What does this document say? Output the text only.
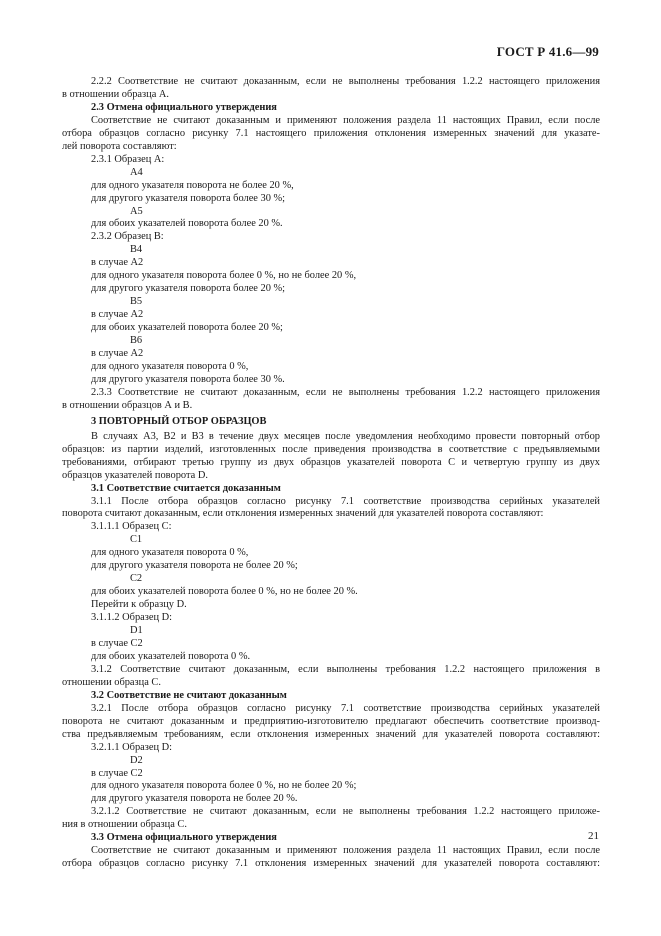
ГОСТ Р 41.6—99
2.2.2 Соответствие не считают доказанным, если не выполнены требования 1.2.2 настоящего приложения
в отношении образца А.
2.3 Отмена официального утверждения
Соответствие не считают доказанным и применяют положения раздела 11 настоящих Правил, если после
отбора образцов согласно рисунку 7.1 настоящего приложения отклонения измеренных значений для указате-
лей поворота составляют:
2.3.1 Образец А:
А4
для одного указателя поворота не более 20 %,
для другого указателя поворота более 30 %;
А5
для обоих указателей поворота более 20 %.
2.3.2 Образец В:
В4
в случае А2
для одного указателя поворота более 0 %, но не более 20 %,
для другого указателя поворота более 20 %;
В5
в случае А2
для обоих указателей поворота более 20 %;
В6
в случае А2
для одного указателя поворота 0 %,
для другого указателя поворота более 30 %.
2.3.3 Соответствие не считают доказанным, если не выполнены требования 1.2.2 настоящего приложения
в отношении образцов А и В.
3 ПОВТОРНЫЙ ОТБОР ОБРАЗЦОВ
В случаях А3, В2 и В3 в течение двух месяцев после уведомления необходимо провести повторный отбор
образцов: из партии изделий, изготовленных после приведения производства в соответствие с предъявляемыми
требованиями, отбирают третью группу из двух образцов указателей поворота С и четвертую группу из двух
образцов указателей поворота D.
3.1 Соответствие считается доказанным
3.1.1 После отбора образцов согласно рисунку 7.1 соответствие производства серийных указателей
поворота считают доказанным, если отклонения измеренных значений для указателей поворота составляют:
3.1.1.1 Образец С:
С1
для одного указателя поворота 0 %,
для другого указателя поворота не более 20 %;
С2
для обоих указателей поворота более 0 %, но не более 20 %.
Перейти к образцу D.
3.1.1.2 Образец D:
D1
в случае С2
для обоих указателей поворота 0 %.
3.1.2 Соответствие считают доказанным, если выполнены требования 1.2.2 настоящего приложения в
отношении образца С.
3.2 Соответствие не считают доказанным
3.2.1 После отбора образцов согласно рисунку 7.1 соответствие производства серийных указателей
поворота не считают доказанным и предприятию-изготовителю предлагают обеспечить соответствие производ-
ства предъявляемым требованиям, если отклонения измеренных значений для указателей поворота составляют:
3.2.1.1 Образец D:
D2
в случае С2
для одного указателя поворота более 0 %, но не более 20 %;
для другого указателя поворота не более 20 %.
3.2.1.2 Соответствие не считают доказанным, если не выполнены требования 1.2.2 настоящего приложе-
ния в отношении образца С.
3.3 Отмена официального утверждения
Соответствие не считают доказанным и применяют положения раздела 11 настоящих Правил, если после
отбора образцов согласно рисунку 7.1 отклонения измеренных значений для указателей поворота составляют:
21
